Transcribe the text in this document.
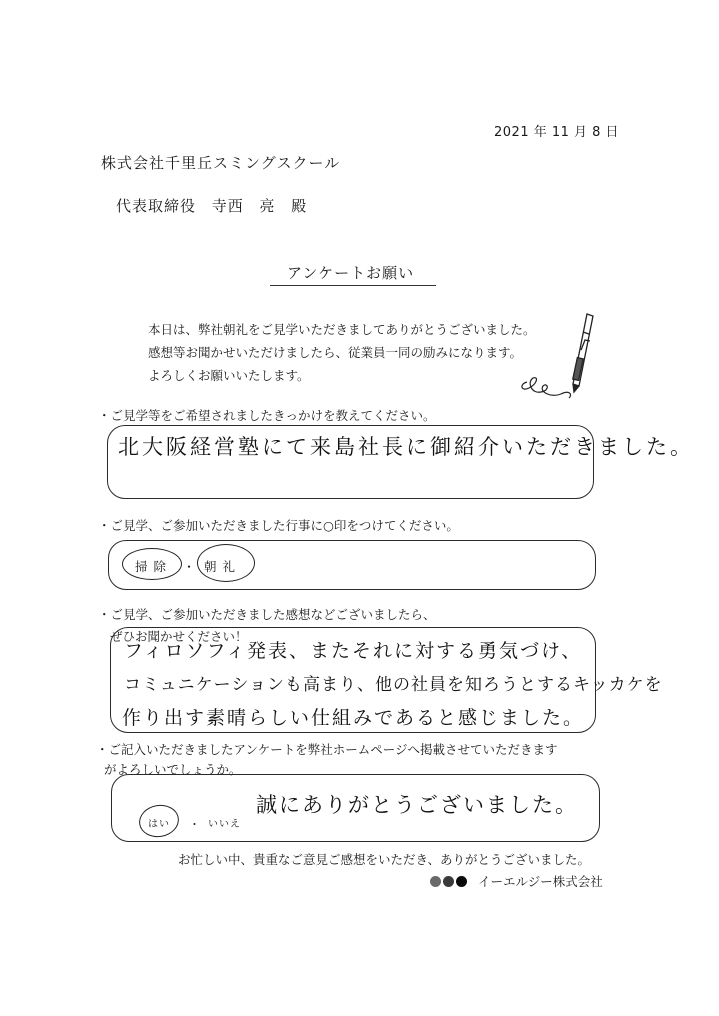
2021 年 11 月 8 日
株式会社千里丘スミングスクール
代表取締役 寺西 亮 殿
アンケートお願い

本日は、弊社朝礼をご見学いただきましてありがとうございました。

感想等お聞かせいただけましたら、従業員一同の励みになります。

よろしくお願いいたします。

・ご見学等をご希望されましたきっかけを教えてください。
北大阪経営塾にて来島社長に御紹介いただきました。
・ご見学、ご参加いただきました行事に○印をつけてください。
掃除 ・ 朝礼

・ご見学、ご参加いただきました感想などございましたら、

ぜひお聞かせください！

フィロソフィ発表、またそれに対する勇気づけ、
コミュニケーションも高まり、他の社員を知ろうとするキッカケを
作り出す素晴らしい仕組みであると感じました。

・ご記入いただきましたアンケートを弊社ホームページへ掲載させていただきます

がよろしいでしょうか。

はい ・ いいえ
誠にありがとうございました。
お忙しい中、貴重なご意見ご感想をいただき、ありがとうございました。
イーエルジー株式会社
